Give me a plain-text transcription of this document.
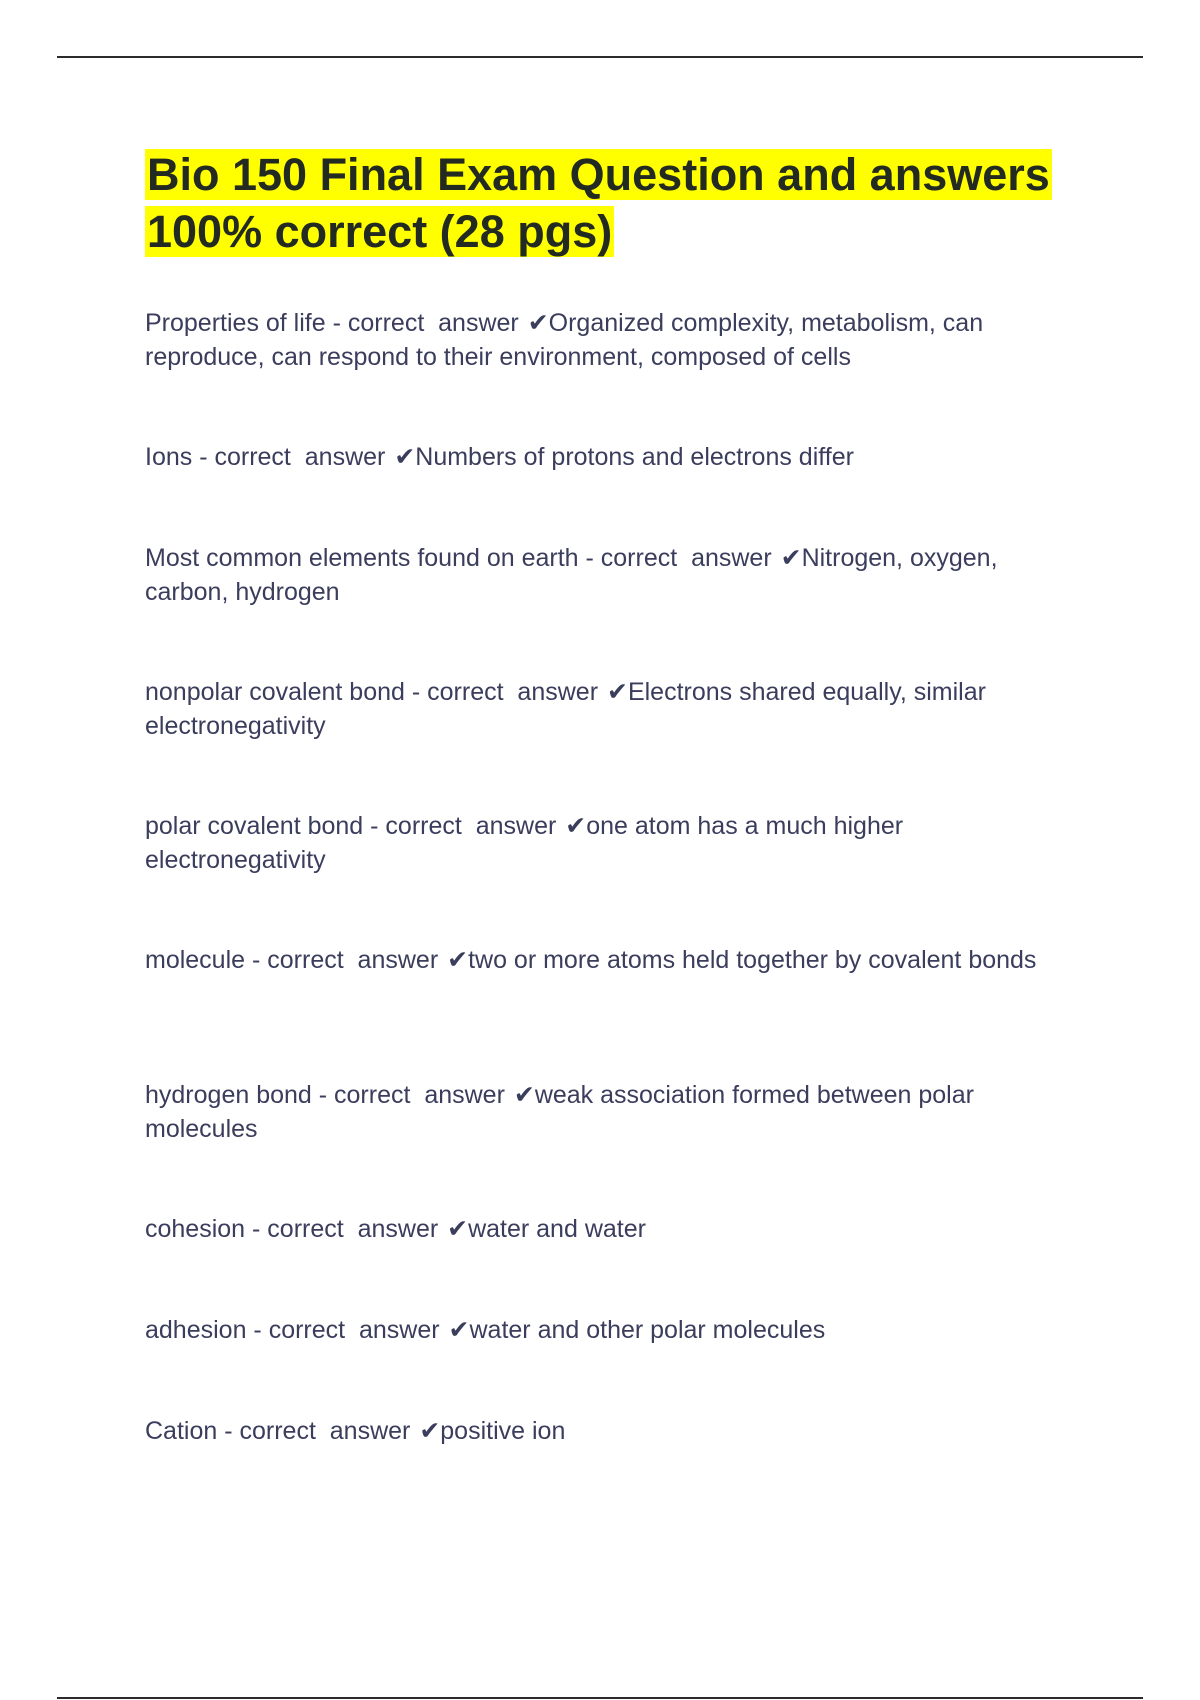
Bio 150 Final Exam Question and answers 100% correct (28 pgs)

Properties of life - correct  answer ✔Organized complexity, metabolism, can reproduce, can respond to their environment, composed of cells

Ions - correct  answer ✔Numbers of protons and electrons differ

Most common elements found on earth - correct  answer ✔Nitrogen, oxygen, carbon, hydrogen

nonpolar covalent bond - correct  answer ✔Electrons shared equally, similar electronegativity

polar covalent bond - correct  answer ✔one atom has a much higher electronegativity

molecule - correct  answer ✔two or more atoms held together by covalent bonds

hydrogen bond - correct  answer ✔weak association formed between polar molecules

cohesion - correct  answer ✔water and water

adhesion - correct  answer ✔water and other polar molecules

Cation - correct  answer ✔positive ion
